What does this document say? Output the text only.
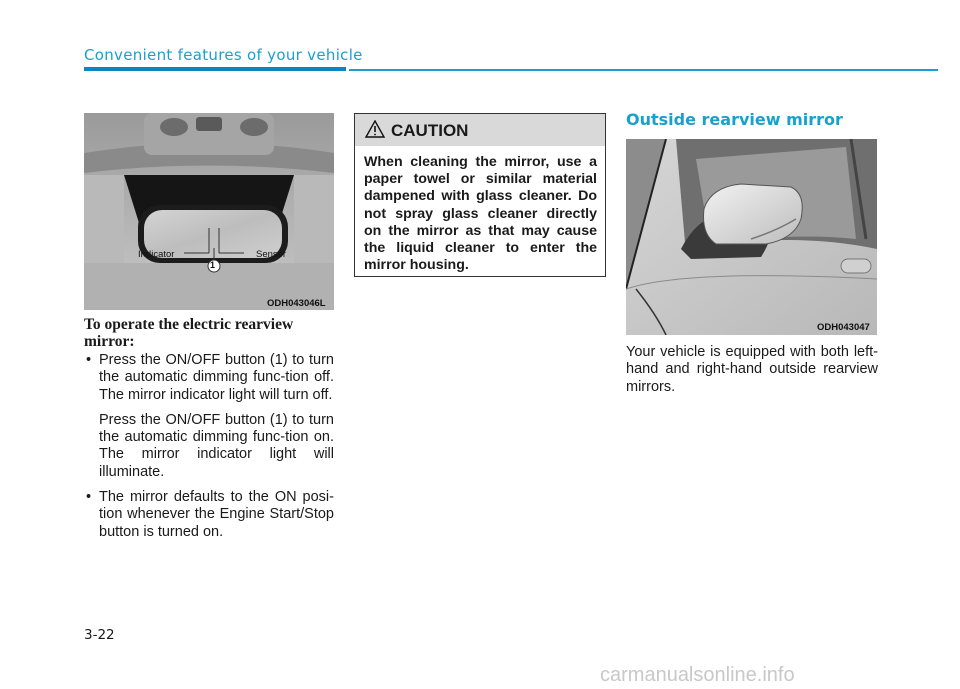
Convenient features of your vehicle
Indicator	Sensor
1
ODH043046L
To operate the electric rearview mirror:
• Press the ON/OFF button (1) to turn the automatic dimming func-tion off. The mirror indicator light will turn off.
Press the ON/OFF button (1) to turn the automatic dimming func-tion on. The mirror indicator light will illuminate.
• The mirror defaults to the ON posi-tion whenever the Engine Start/Stop button is turned on.
CAUTION
When cleaning the mirror, use a paper towel or similar material dampened with glass cleaner. Do not spray glass cleaner directly on the mirror as that may cause the liquid cleaner to enter the mirror housing.
Outside rearview mirror
ODH043047
Your vehicle is equipped with both left-hand and right-hand outside rearview mirrors.
3-22
carmanualsonline.info
